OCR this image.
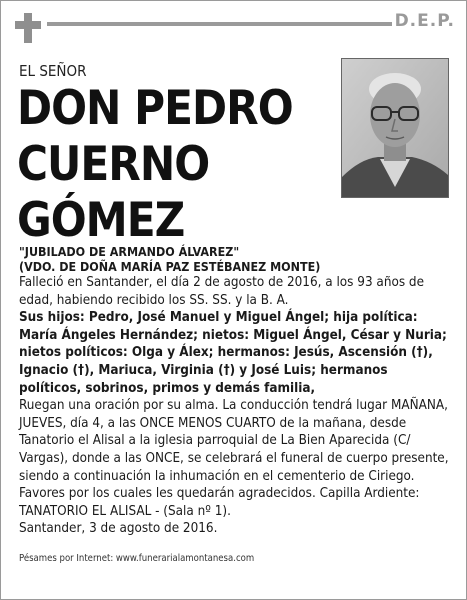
D.E.P.
EL SEÑOR
DON PEDRO
CUERNO
GÓMEZ
"JUBILADO DE ARMANDO ÁLVAREZ"
(VDO. DE DOÑA MARÍA PAZ ESTÉBANEZ MONTE)

Falleció en Santander, el día 2 de agosto de 2016, a los 93 años de edad, habiendo recibido los SS. SS. y la B. A.

Sus hijos: Pedro, José Manuel y Miguel Ángel; hija política: María Ángeles Hernández; nietos: Miguel Ángel, César y Nuria; nietos políticos: Olga y Álex; hermanos: Jesús, Ascensión (†), Ignacio (†), Mariuca, Virginia (†) y José Luis; hermanos políticos, sobrinos, primos y demás familia,

Ruegan una oración por su alma. La conducción tendrá lugar MAÑANA, JUEVES, día 4, a las ONCE MENOS CUARTO de la mañana, desde Tanatorio el Alisal a la iglesia parroquial de La Bien Aparecida (C/ Vargas), donde a las ONCE, se celebrará el funeral de cuerpo presente, siendo a continuación la inhumación en el cementerio de Ciriego. Favores por los cuales les quedarán agradecidos. Capilla Ardiente: TANATORIO EL ALISAL - (Sala nº 1).

Santander, 3 de agosto de 2016.

Pésames por Internet: www.funerarialamontanesa.com
